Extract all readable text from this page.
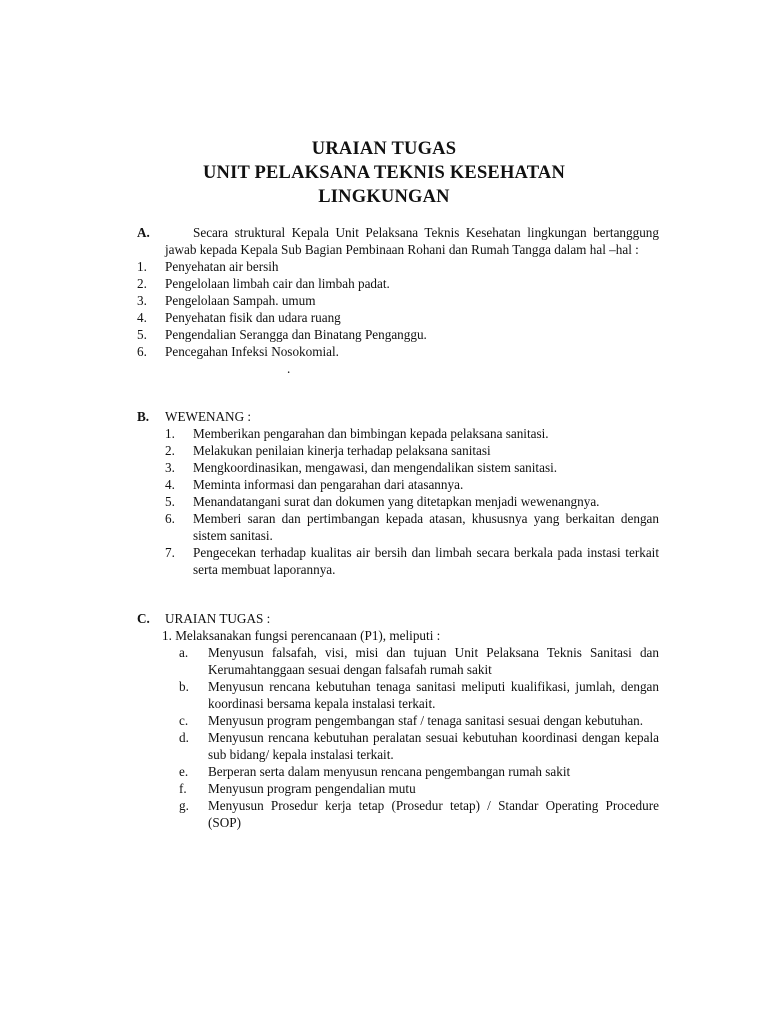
URAIAN TUGAS
UNIT PELAKSANA TEKNIS KESEHATAN
LINGKUNGAN
A.	Secara struktural Kepala Unit Pelaksana Teknis Kesehatan lingkungan bertanggung jawab kepada Kepala Sub Bagian Pembinaan Rohani dan Rumah Tangga dalam hal –hal :
1. Penyehatan air bersih
2. Pengelolaan limbah cair dan limbah padat.
3. Pengelolaan Sampah. umum
4. Penyehatan fisik dan udara ruang
5. Pengendalian Serangga dan Binatang Penganggu.
6. Pencegahan Infeksi Nosokomial.
.
B. WEWENANG :
1. Memberikan pengarahan dan bimbingan kepada pelaksana sanitasi.
2. Melakukan penilaian kinerja terhadap pelaksana sanitasi
3. Mengkoordinasikan, mengawasi, dan mengendalikan sistem sanitasi.
4. Meminta informasi dan pengarahan dari atasannya.
5. Menandatangani surat dan dokumen yang ditetapkan menjadi wewenangnya.
6. Memberi saran dan pertimbangan kepada atasan, khususnya yang berkaitan dengan sistem sanitasi.
7. Pengecekan terhadap kualitas air bersih dan limbah secara berkala pada instasi terkait serta membuat laporannya.
C. URAIAN TUGAS :
1. Melaksanakan fungsi perencanaan (P1), meliputi :
a. Menyusun falsafah, visi, misi dan tujuan Unit Pelaksana Teknis Sanitasi dan Kerumahtanggaan sesuai dengan falsafah rumah sakit
b. Menyusun rencana kebutuhan tenaga sanitasi meliputi kualifikasi, jumlah, dengan koordinasi bersama kepala instalasi terkait.
c. Menyusun program pengembangan staf / tenaga sanitasi sesuai dengan kebutuhan.
d. Menyusun rencana kebutuhan peralatan sesuai kebutuhan koordinasi dengan kepala sub bidang/ kepala instalasi terkait.
e. Berperan serta dalam menyusun rencana pengembangan rumah sakit
f. Menyusun program pengendalian mutu
g. Menyusun Prosedur kerja tetap (Prosedur tetap) / Standar Operating Procedure (SOP)
